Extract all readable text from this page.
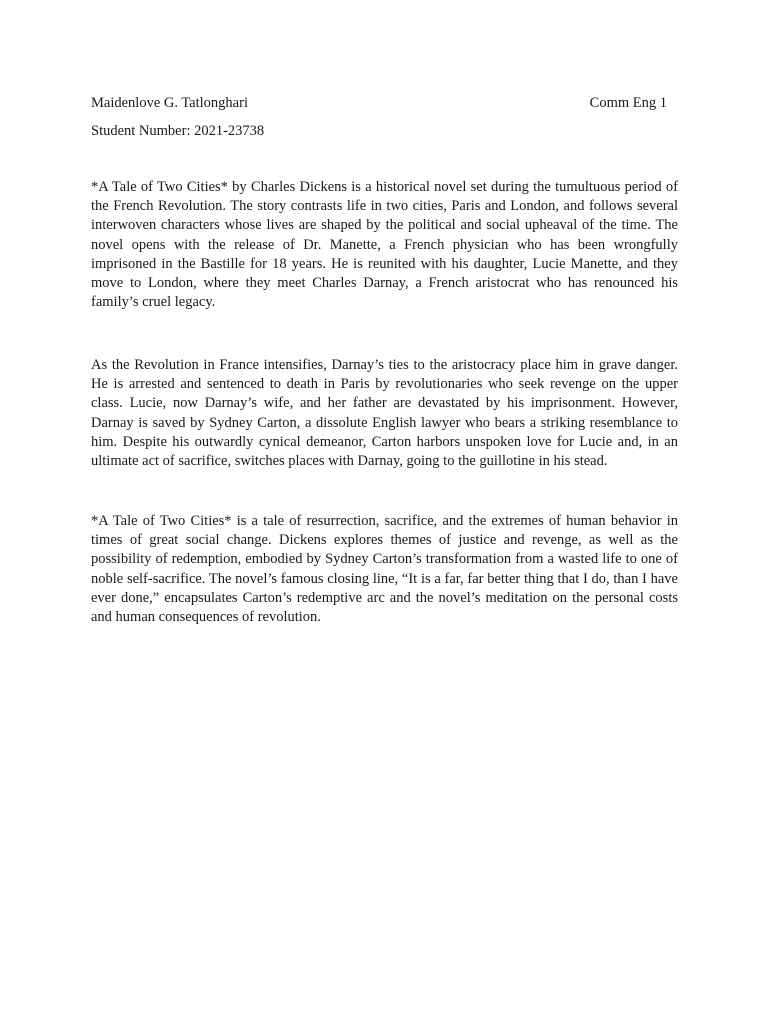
Maidenlove G. Tatlonghari	Comm Eng 1
Student Number: 2021-23738

*A Tale of Two Cities* by Charles Dickens is a historical novel set during the tumultuous period of the French Revolution. The story contrasts life in two cities, Paris and London, and follows several interwoven characters whose lives are shaped by the political and social upheaval of the time. The novel opens with the release of Dr. Manette, a French physician who has been wrongfully imprisoned in the Bastille for 18 years. He is reunited with his daughter, Lucie Manette, and they move to London, where they meet Charles Darnay, a French aristocrat who has renounced his family’s cruel legacy.

As the Revolution in France intensifies, Darnay’s ties to the aristocracy place him in grave danger. He is arrested and sentenced to death in Paris by revolutionaries who seek revenge on the upper class. Lucie, now Darnay’s wife, and her father are devastated by his imprisonment. However, Darnay is saved by Sydney Carton, a dissolute English lawyer who bears a striking resemblance to him. Despite his outwardly cynical demeanor, Carton harbors unspoken love for Lucie and, in an ultimate act of sacrifice, switches places with Darnay, going to the guillotine in his stead.

*A Tale of Two Cities* is a tale of resurrection, sacrifice, and the extremes of human behavior in times of great social change. Dickens explores themes of justice and revenge, as well as the possibility of redemption, embodied by Sydney Carton’s transformation from a wasted life to one of noble self-sacrifice. The novel’s famous closing line, “It is a far, far better thing that I do, than I have ever done,” encapsulates Carton’s redemptive arc and the novel’s meditation on the personal costs and human consequences of revolution.
